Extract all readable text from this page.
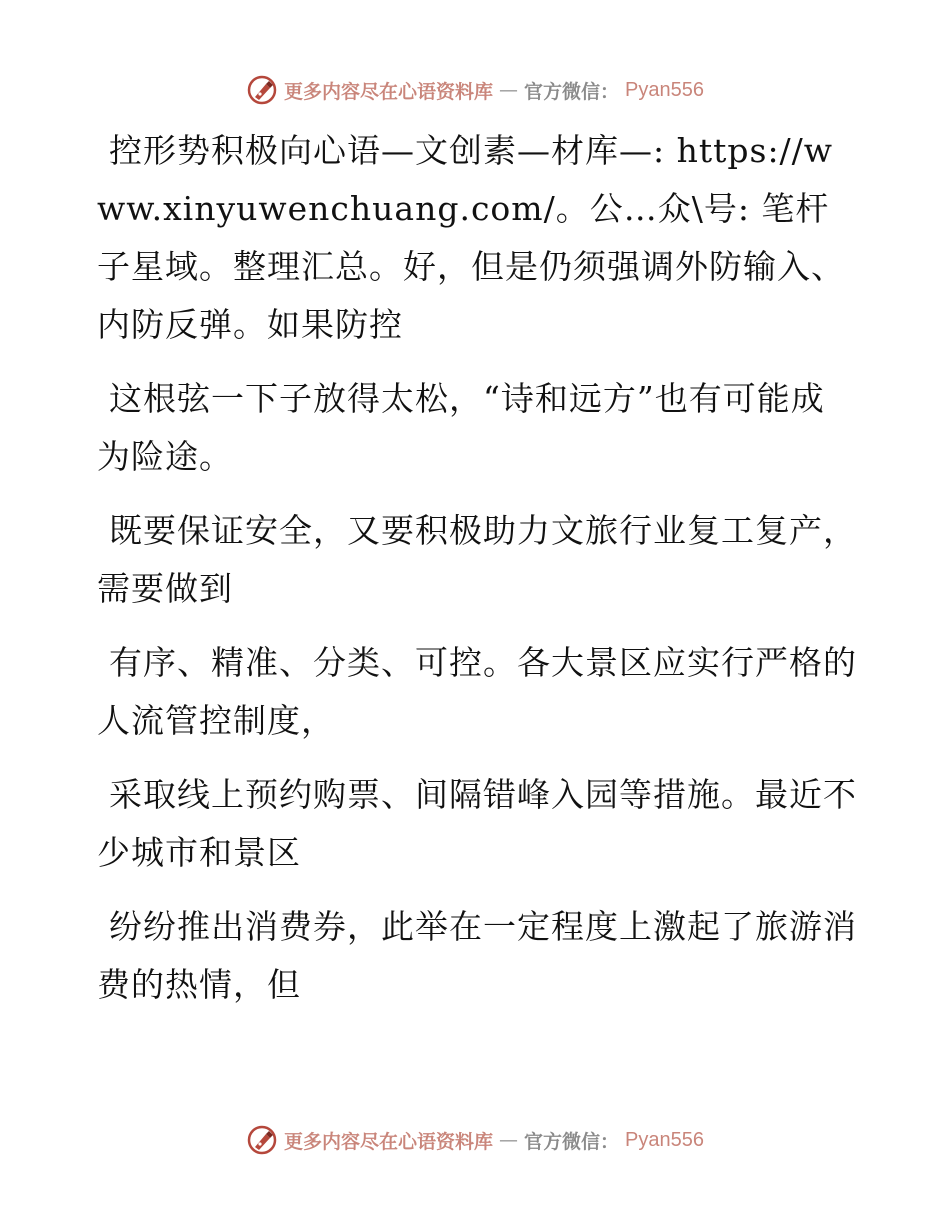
更多内容尽在心语资料库 — 官方微信： Pyan556

控形势积极向心语—文创素—材库—: https://www.xinyuwenchuang.com/。公…众\号: 笔杆子星域。整理汇总。好，但是仍须强调外防输入、内防反弹。如果防控

这根弦一下子放得太松，“诗和远方”也有可能成为险途。

既要保证安全，又要积极助力文旅行业复工复产，需要做到

有序、精准、分类、可控。各大景区应实行严格的人流管控制度，

采取线上预约购票、间隔错峰入园等措施。最近不少城市和景区

纷纷推出消费券，此举在一定程度上激起了旅游消费的热情，但

更多内容尽在心语资料库 — 官方微信： Pyan556
